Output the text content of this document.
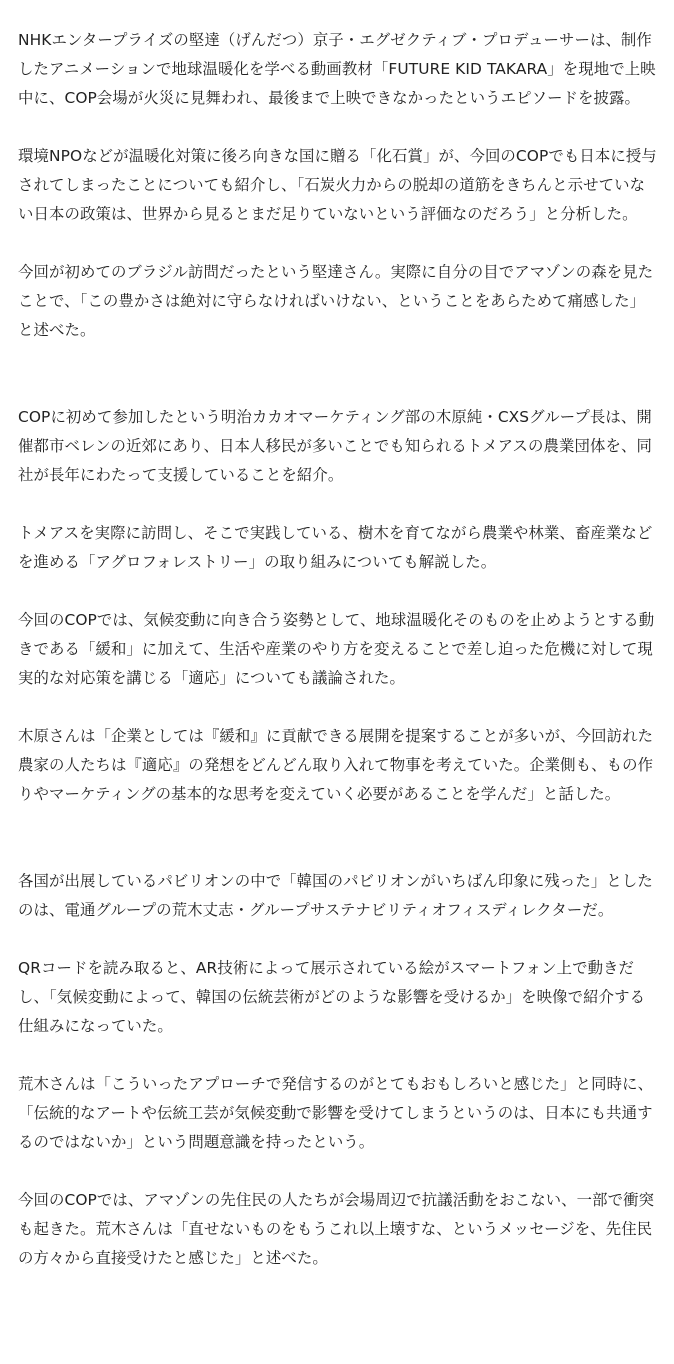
NHKエンタープライズの堅達（げんだつ）京子・エグゼクティブ・プロデューサーは、制作したアニメーションで地球温暖化を学べる動画教材「FUTURE KID TAKARA」を現地で上映中に、COP会場が火災に見舞われ、最後まで上映できなかったというエピソードを披露。

環境NPOなどが温暖化対策に後ろ向きな国に贈る「化石賞」が、今回のCOPでも日本に授与されてしまったことについても紹介し、「石炭火力からの脱却の道筋をきちんと示せていない日本の政策は、世界から見るとまだ足りていないという評価なのだろう」と分析した。

今回が初めてのブラジル訪問だったという堅達さん。実際に自分の目でアマゾンの森を見たことで、「この豊かさは絶対に守らなければいけない、ということをあらためて痛感した」と述べた。

COPに初めて参加したという明治カカオマーケティング部の木原純・CXSグループ長は、開催都市ベレンの近郊にあり、日本人移民が多いことでも知られるトメアスの農業団体を、同社が長年にわたって支援していることを紹介。

トメアスを実際に訪問し、そこで実践している、樹木を育てながら農業や林業、畜産業などを進める「アグロフォレストリー」の取り組みについても解説した。

今回のCOPでは、気候変動に向き合う姿勢として、地球温暖化そのものを止めようとする動きである「緩和」に加えて、生活や産業のやり方を変えることで差し迫った危機に対して現実的な対応策を講じる「適応」についても議論された。

木原さんは「企業としては『緩和』に貢献できる展開を提案することが多いが、今回訪れた農家の人たちは『適応』の発想をどんどん取り入れて物事を考えていた。企業側も、もの作りやマーケティングの基本的な思考を変えていく必要があることを学んだ」と話した。

各国が出展しているパビリオンの中で「韓国のパビリオンがいちばん印象に残った」としたのは、電通グループの荒木丈志・グループサステナビリティオフィスディレクターだ。

QRコードを読み取ると、AR技術によって展示されている絵がスマートフォン上で動きだし、「気候変動によって、韓国の伝統芸術がどのような影響を受けるか」を映像で紹介する仕組みになっていた。

荒木さんは「こういったアプローチで発信するのがとてもおもしろいと感じた」と同時に、「伝統的なアートや伝統工芸が気候変動で影響を受けてしまうというのは、日本にも共通するのではないか」という問題意識を持ったという。

今回のCOPでは、アマゾンの先住民の人たちが会場周辺で抗議活動をおこない、一部で衝突も起きた。荒木さんは「直せないものをもうこれ以上壊すな、というメッセージを、先住民の方々から直接受けたと感じた」と述べた。
